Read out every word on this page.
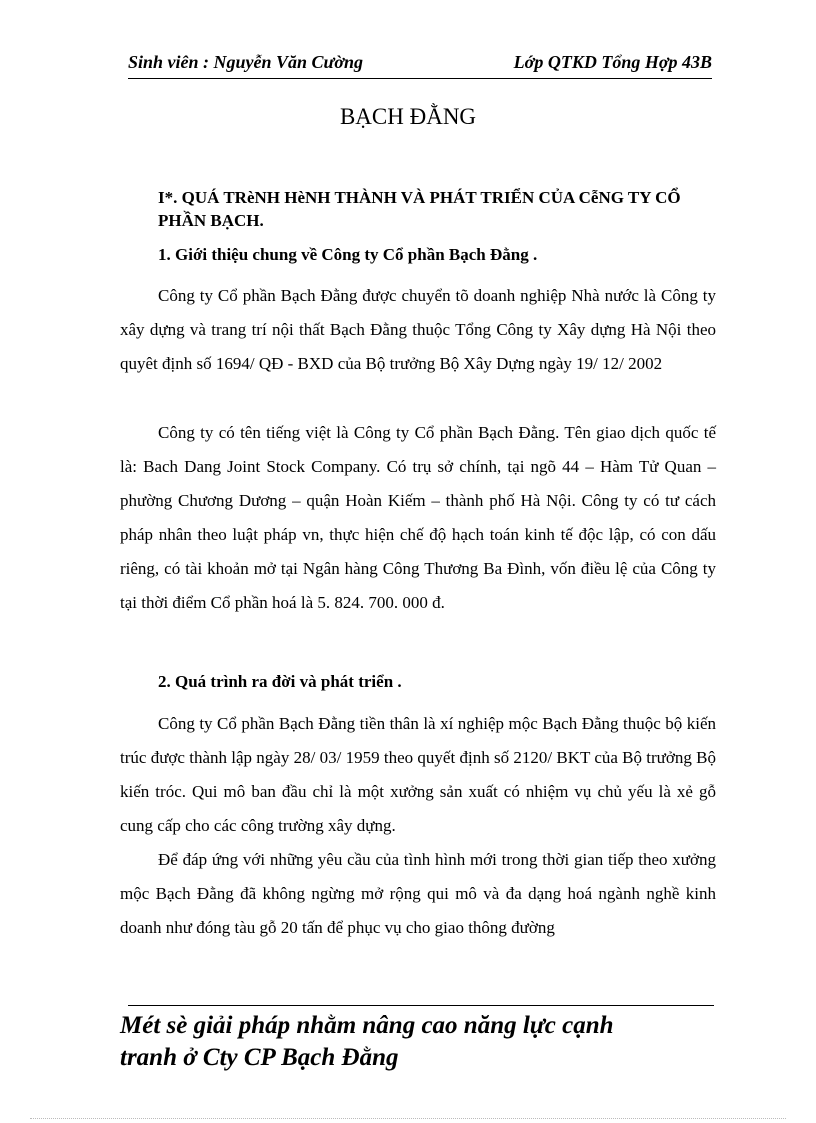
Sinh viên : Nguyễn Văn Cường	Lớp QTKD Tổng Hợp 43B
BẠCH ĐẰNG
I*. QUÁ TRèNH HèNH THÀNH VÀ PHÁT TRIỂN CỦA CễNG TY CỔ PHẦN BẠCH.
1. Giới thiệu chung về Công ty Cổ phần Bạch Đằng .
Công ty Cổ phần Bạch Đằng được chuyển tõ doanh nghiệp Nhà nước là Công ty xây dựng và trang trí nội thất Bạch Đằng thuộc Tổng Công ty Xây dựng Hà Nội theo quyêt định số 1694/ QĐ - BXD của Bộ trưởng Bộ Xây Dựng ngày 19/ 12/ 2002
Công ty có tên tiếng việt là Công ty Cổ phần Bạch Đằng. Tên giao dịch quốc tế là: Bach Dang Joint Stock Company. Có trụ sở chính, tại ngõ 44 – Hàm Tử Quan – phường Chương Dương – quận Hoàn Kiếm – thành phố Hà Nội. Công ty có tư cách pháp nhân theo luật pháp vn, thực hiện chế độ hạch toán kinh tế độc lập, có con dấu riêng, có tài khoản mở tại Ngân hàng Công Thương Ba Đình, vốn điều lệ của Công ty tại thời điểm Cổ phần hoá là 5. 824. 700. 000 đ.
2. Quá trình ra đời và phát triển .
Công ty Cổ phần Bạch Đằng tiền thân là xí nghiệp mộc Bạch Đằng thuộc bộ kiến trúc được thành lập ngày 28/ 03/ 1959 theo quyết định số 2120/ BKT của Bộ trưởng Bộ kiến tróc. Qui mô ban đầu chỉ là một xưởng sản xuất có nhiệm vụ chủ yếu là xẻ gỗ cung cấp cho các công trường xây dựng.
Để đáp ứng với những yêu cầu của tình hình mới trong thời gian tiếp theo xưởng mộc Bạch Đằng đã không ngừng mở rộng qui mô và đa dạng hoá ngành nghề kinh doanh như đóng tàu gỗ 20 tấn để phục vụ cho giao thông đường
Mét sè giải pháp nhằm nâng cao năng lực cạnh
tranh ở Cty CP Bạch Đằng
